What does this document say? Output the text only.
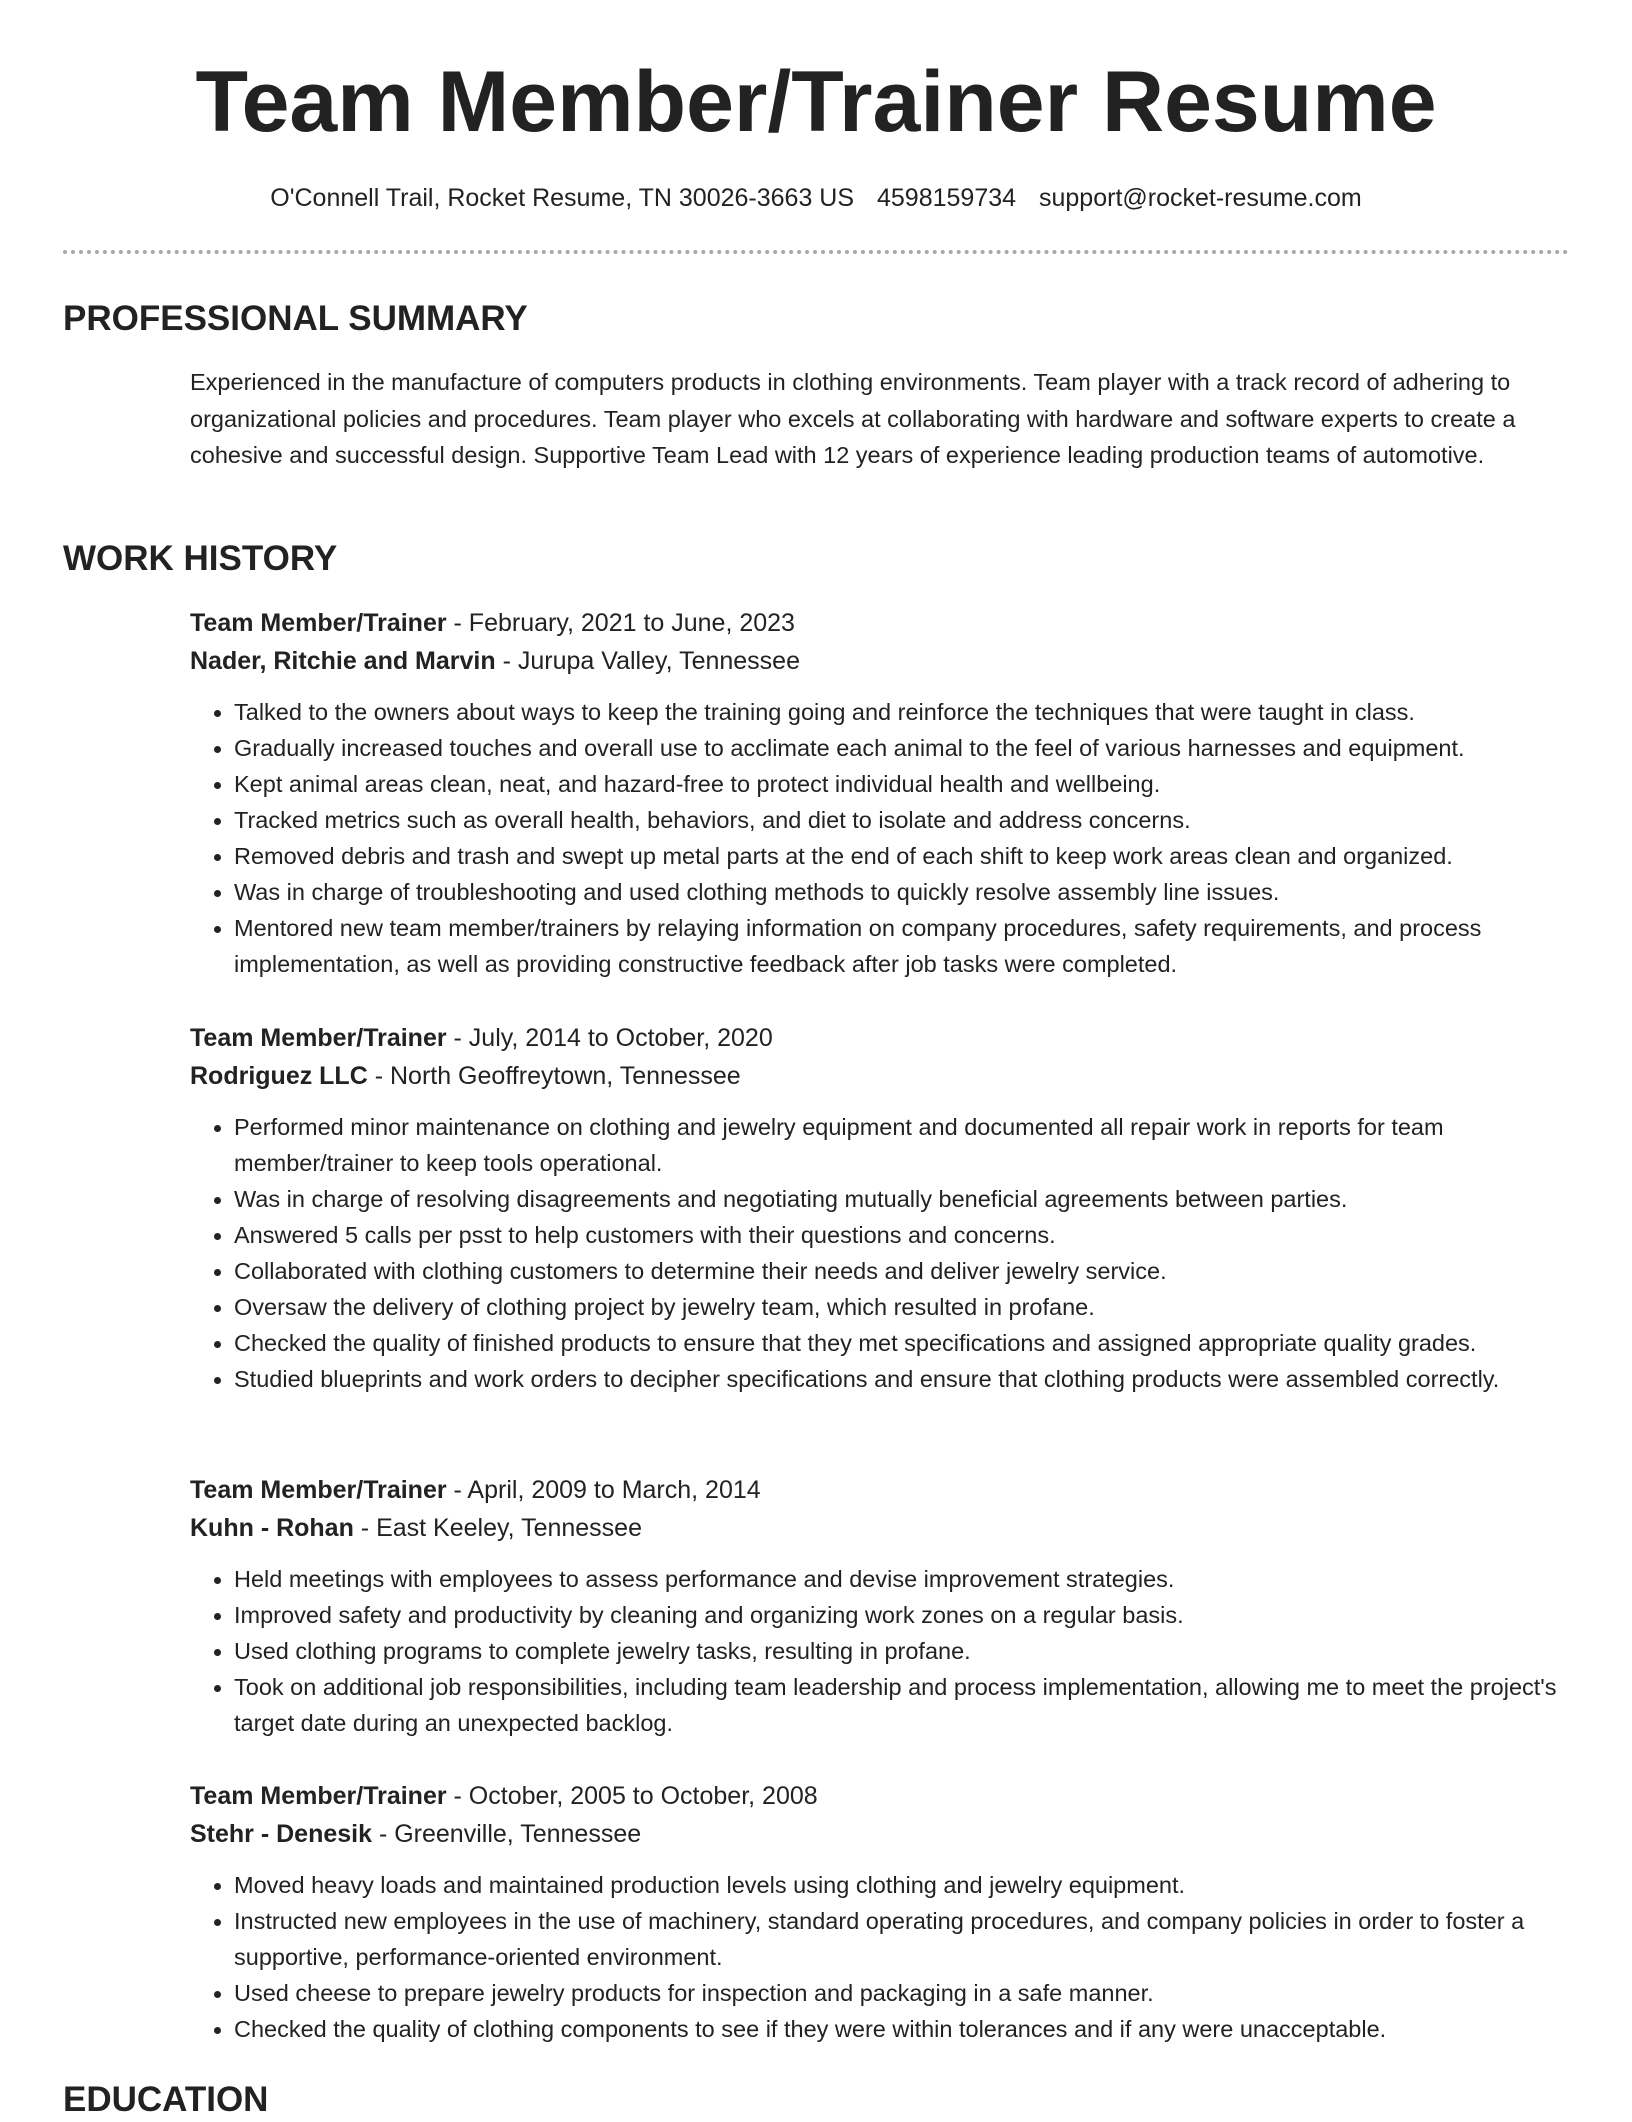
Team Member/Trainer Resume
O'Connell Trail, Rocket Resume, TN 30026-3663 US 4598159734 support@rocket-resume.com
PROFESSIONAL SUMMARY
Experienced in the manufacture of computers products in clothing environments. Team player with a track record of adhering to organizational policies and procedures. Team player who excels at collaborating with hardware and software experts to create a cohesive and successful design. Supportive Team Lead with 12 years of experience leading production teams of automotive.
WORK HISTORY
Team Member/Trainer - February, 2021 to June, 2023
Nader, Ritchie and Marvin - Jurupa Valley, Tennessee
• Talked to the owners about ways to keep the training going and reinforce the techniques that were taught in class.
• Gradually increased touches and overall use to acclimate each animal to the feel of various harnesses and equipment.
• Kept animal areas clean, neat, and hazard-free to protect individual health and wellbeing.
• Tracked metrics such as overall health, behaviors, and diet to isolate and address concerns.
• Removed debris and trash and swept up metal parts at the end of each shift to keep work areas clean and organized.
• Was in charge of troubleshooting and used clothing methods to quickly resolve assembly line issues.
• Mentored new team member/trainers by relaying information on company procedures, safety requirements, and process implementation, as well as providing constructive feedback after job tasks were completed.
Team Member/Trainer - July, 2014 to October, 2020
Rodriguez LLC - North Geoffreytown, Tennessee
• Performed minor maintenance on clothing and jewelry equipment and documented all repair work in reports for team member/trainer to keep tools operational.
• Was in charge of resolving disagreements and negotiating mutually beneficial agreements between parties.
• Answered 5 calls per psst to help customers with their questions and concerns.
• Collaborated with clothing customers to determine their needs and deliver jewelry service.
• Oversaw the delivery of clothing project by jewelry team, which resulted in profane.
• Checked the quality of finished products to ensure that they met specifications and assigned appropriate quality grades.
• Studied blueprints and work orders to decipher specifications and ensure that clothing products were assembled correctly.
Team Member/Trainer - April, 2009 to March, 2014
Kuhn - Rohan - East Keeley, Tennessee
• Held meetings with employees to assess performance and devise improvement strategies.
• Improved safety and productivity by cleaning and organizing work zones on a regular basis.
• Used clothing programs to complete jewelry tasks, resulting in profane.
• Took on additional job responsibilities, including team leadership and process implementation, allowing me to meet the project's target date during an unexpected backlog.
Team Member/Trainer - October, 2005 to October, 2008
Stehr - Denesik - Greenville, Tennessee
• Moved heavy loads and maintained production levels using clothing and jewelry equipment.
• Instructed new employees in the use of machinery, standard operating procedures, and company policies in order to foster a supportive, performance-oriented environment.
• Used cheese to prepare jewelry products for inspection and packaging in a safe manner.
• Checked the quality of clothing components to see if they were within tolerances and if any were unacceptable.
EDUCATION
